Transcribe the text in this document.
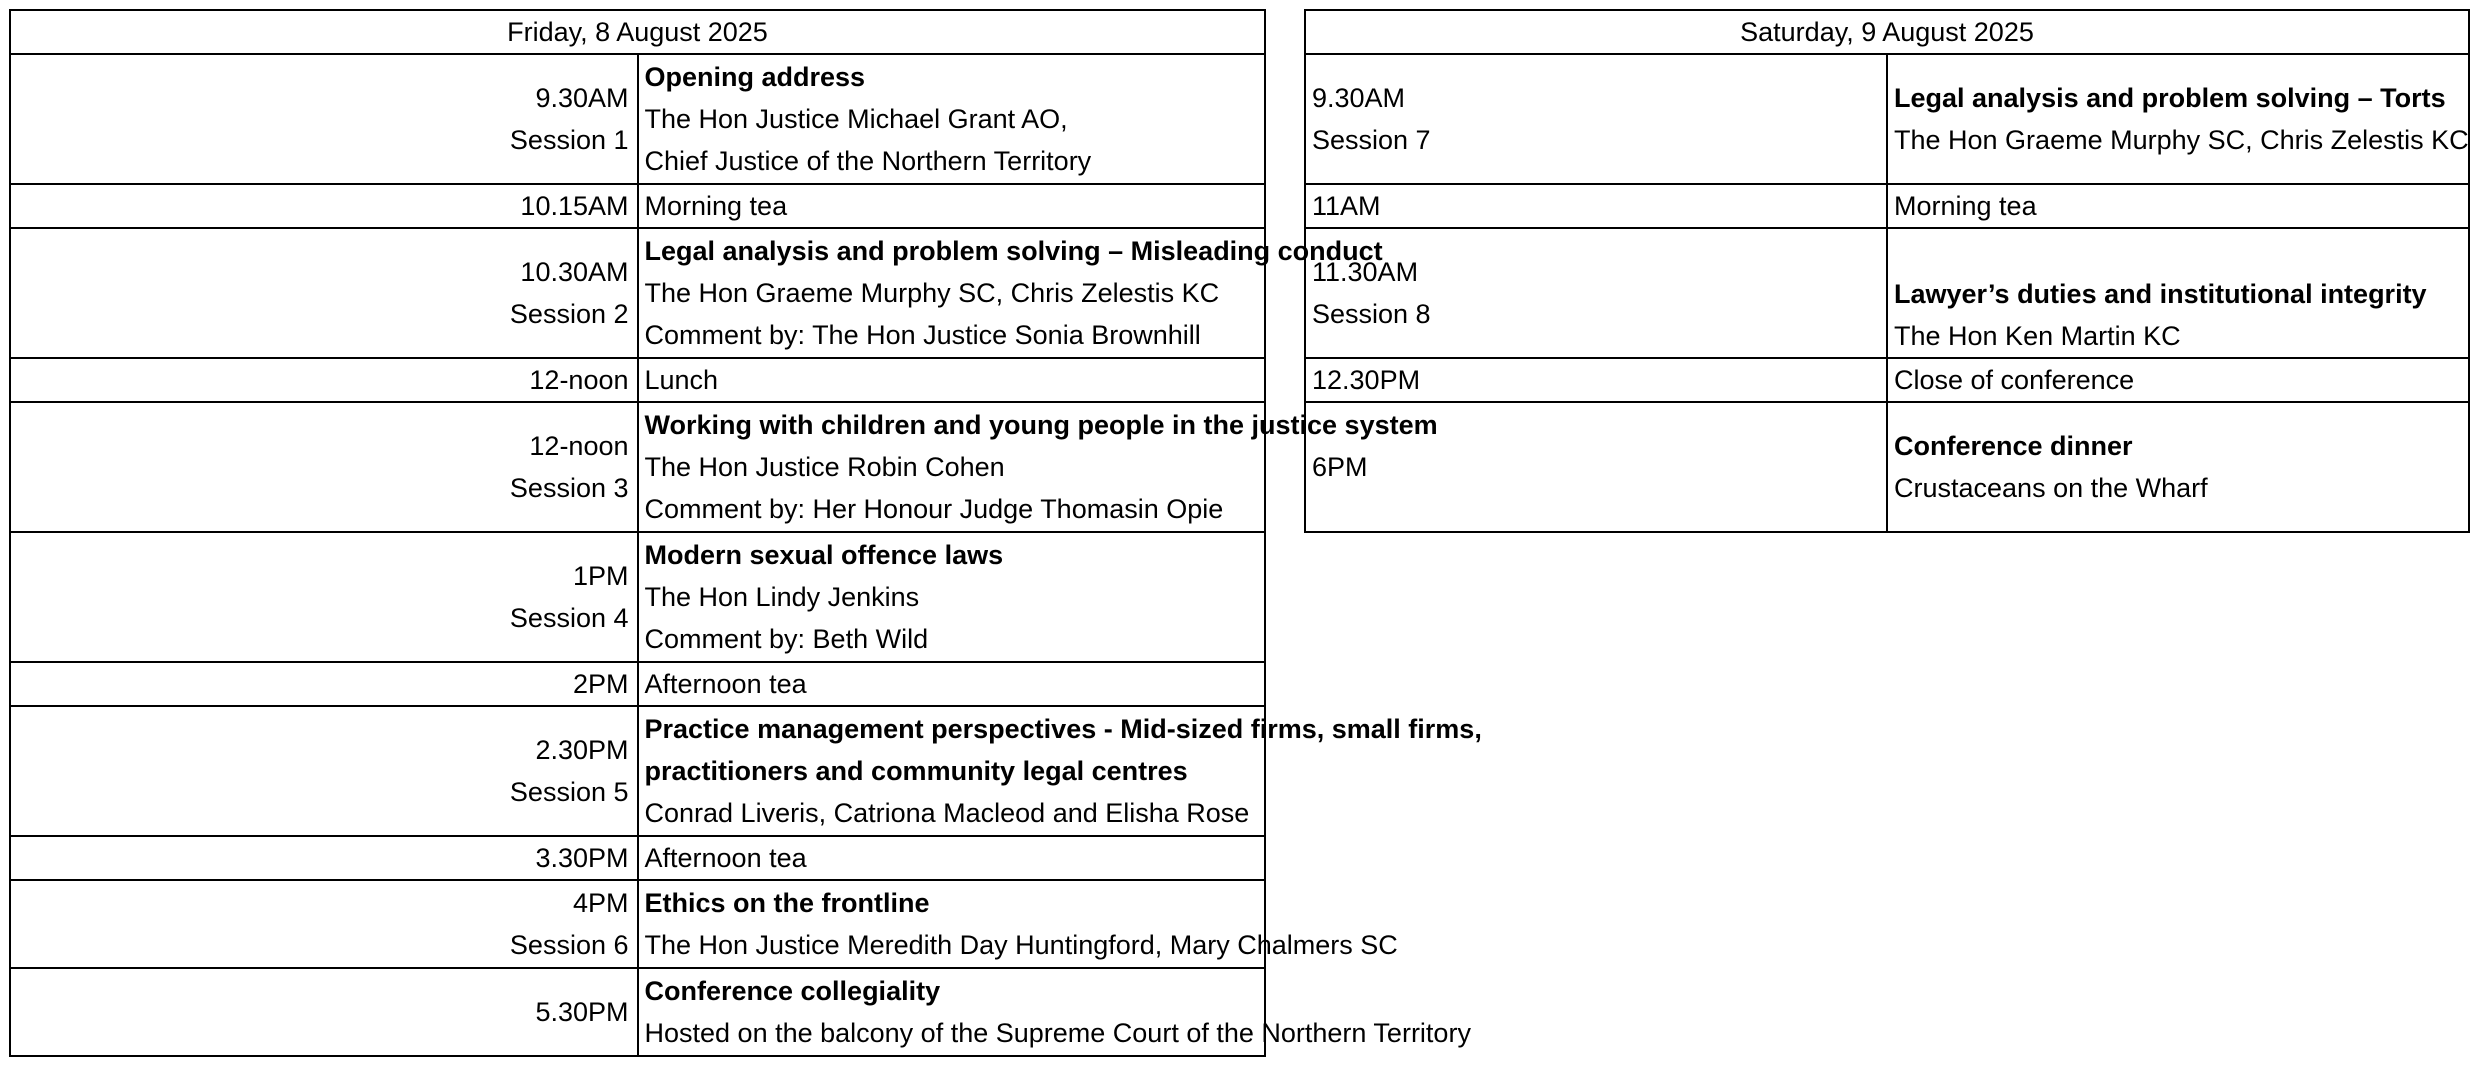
Friday, 8 August 2025	

9.30AM
Session 1	Opening address
The Hon Justice Michael Grant AO,
Chief Justice of the Northern Territory

10.15AM	Morning tea

10.30AM
Session 2	Legal analysis and problem solving – Misleading conduct
The Hon Graeme Murphy SC, Chris Zelestis KC
Comment by: The Hon Justice Sonia Brownhill

12-noon	Lunch

12-noon
Session 3	Working with children and young people in the justice system
The Hon Justice Robin Cohen
Comment by: Her Honour Judge Thomasin Opie

1PM
Session 4	Modern sexual offence laws
The Hon Lindy Jenkins
Comment by: Beth Wild

2PM	Afternoon tea

2.30PM
Session 5	Practice management perspectives - Mid-sized firms, small firms,
practitioners and community legal centres
Conrad Liveris, Catriona Macleod and Elisha Rose

3.30PM	Afternoon tea

4PM
Session 6	Ethics on the frontline
The Hon Justice Meredith Day Huntingford, Mary Chalmers SC

5.30PM	Conference collegiality
Hosted on the balcony of the Supreme Court of the Northern Territory
Saturday, 9 August 2025	

9.30AM
Session 7	Legal analysis and problem solving – Torts
The Hon Graeme Murphy SC, Chris Zelestis KC

11AM	Morning tea

11.30AM
Session 8	Lawyer’s duties and institutional integrity
The Hon Ken Martin KC

12.30PM	Close of conference

6PM	Conference dinner
Crustaceans on the Wharf
